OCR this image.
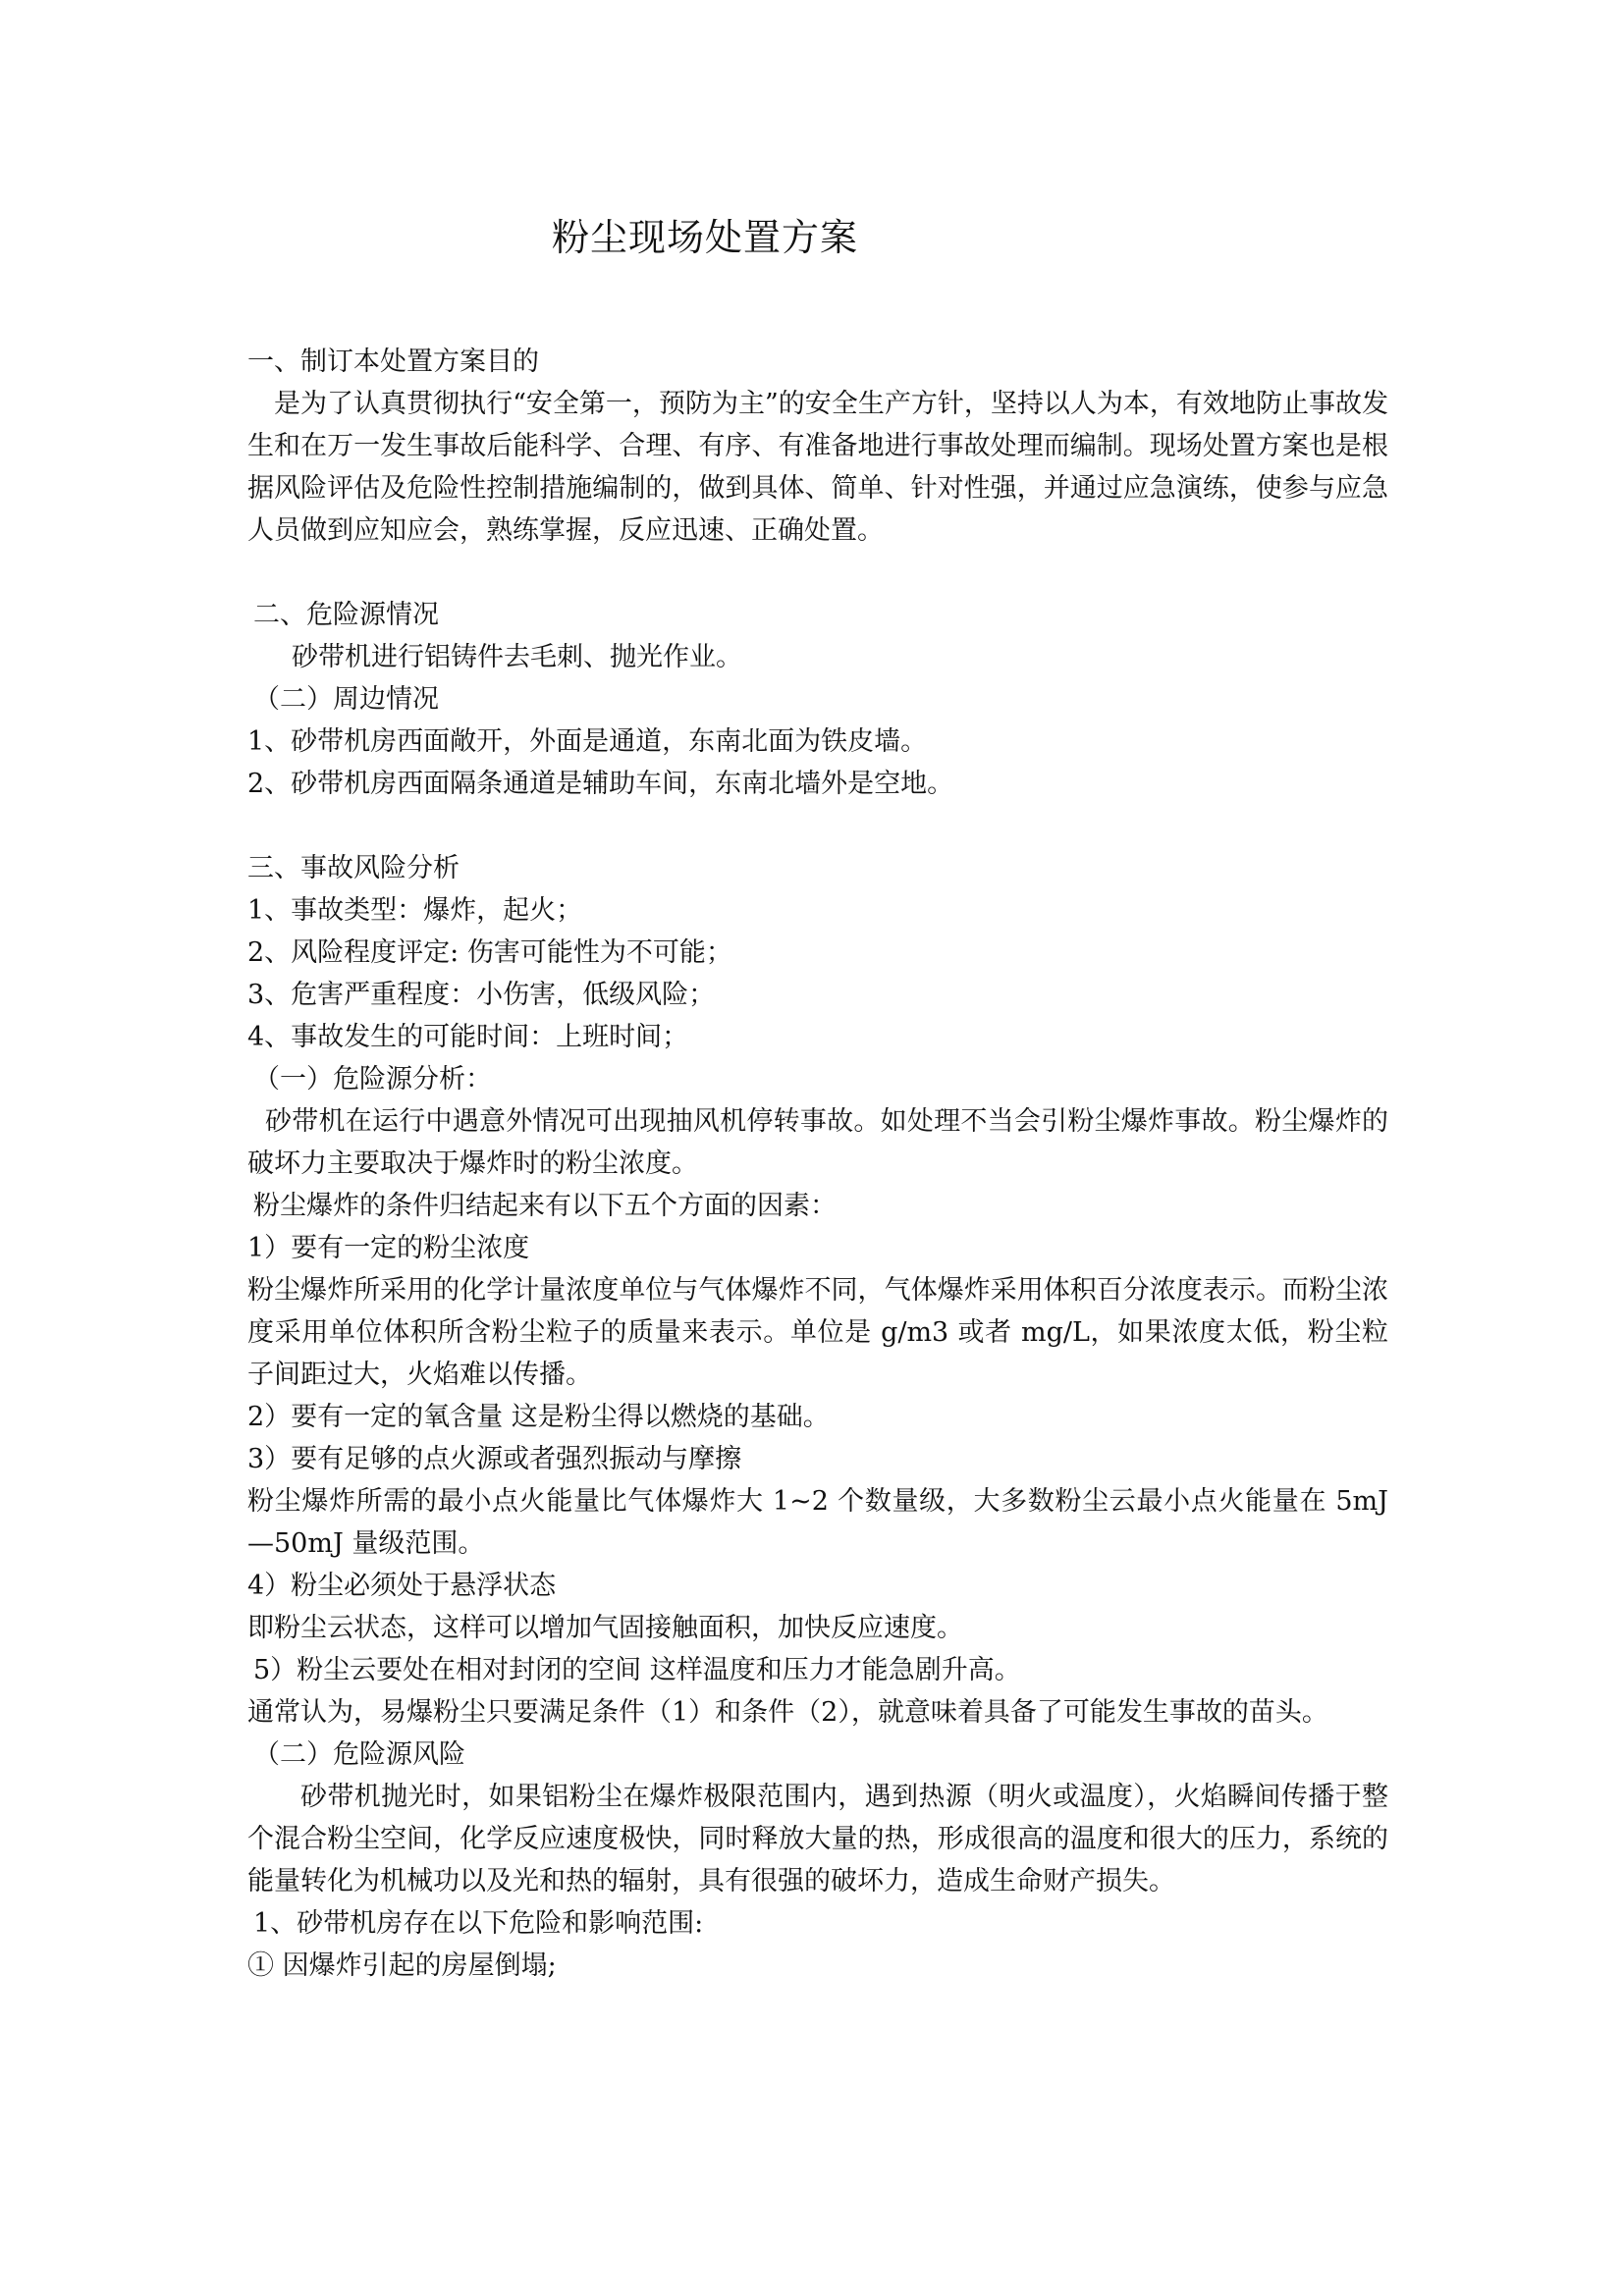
粉尘现场处置方案
一、制订本处置方案目的
是为了认真贯彻执行“安全第一，预防为主”的安全生产方针，坚持以人为本，有效地防止事故发生和在万一发生事故后能科学、合理、有序、有准备地进行事故处理而编制。现场处置方案也是根据风险评估及危险性控制措施编制的，做到具体、简单、针对性强，并通过应急演练，使参与应急人员做到应知应会，熟练掌握，反应迅速、正确处置。
二、危险源情况
砂带机进行铝铸件去毛刺、抛光作业。
（二）周边情况
1、砂带机房西面敞开，外面是通道，东南北面为铁皮墙。
2、砂带机房西面隔条通道是辅助车间，东南北墙外是空地。
三、事故风险分析
1、事故类型：爆炸，起火；
2、风险程度评定: 伤害可能性为不可能；
3、危害严重程度：小伤害，低级风险；
4、事故发生的可能时间：上班时间；
（一）危险源分析：
砂带机在运行中遇意外情况可出现抽风机停转事故。如处理不当会引粉尘爆炸事故。粉尘爆炸的破坏力主要取决于爆炸时的粉尘浓度。
粉尘爆炸的条件归结起来有以下五个方面的因素：
1）要有一定的粉尘浓度
粉尘爆炸所采用的化学计量浓度单位与气体爆炸不同，气体爆炸采用体积百分浓度表示。而粉尘浓度采用单位体积所含粉尘粒子的质量来表示。单位是 g/m3 或者 mg/L，如果浓度太低，粉尘粒子间距过大，火焰难以传播。
2）要有一定的氧含量 这是粉尘得以燃烧的基础。
3）要有足够的点火源或者强烈振动与摩擦
粉尘爆炸所需的最小点火能量比气体爆炸大 1~2 个数量级，大多数粉尘云最小点火能量在 5mJ—50mJ 量级范围。
4）粉尘必须处于悬浮状态
即粉尘云状态，这样可以增加气固接触面积，加快反应速度。
5）粉尘云要处在相对封闭的空间 这样温度和压力才能急剧升高。
通常认为，易爆粉尘只要满足条件（1）和条件（2），就意味着具备了可能发生事故的苗头。
（二）危险源风险
砂带机抛光时，如果铝粉尘在爆炸极限范围内，遇到热源（明火或温度），火焰瞬间传播于整个混合粉尘空间，化学反应速度极快，同时释放大量的热，形成很高的温度和很大的压力，系统的能量转化为机械功以及光和热的辐射，具有很强的破坏力，造成生命财产损失。
1、砂带机房存在以下危险和影响范围:
① 因爆炸引起的房屋倒塌;
